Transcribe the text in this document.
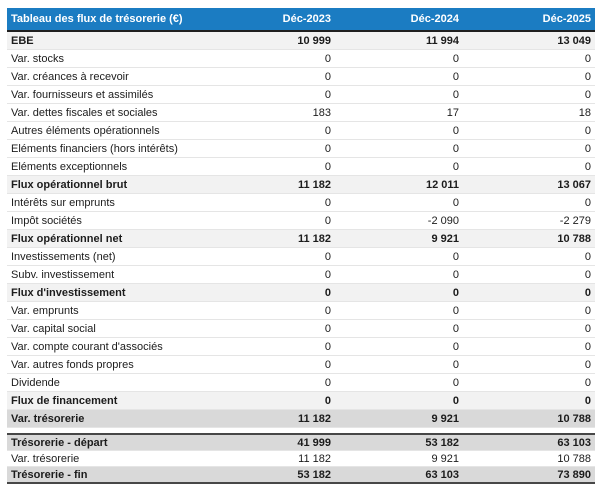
Tableau des flux de trésorerie (€)	Déc-2023	Déc-2024	Déc-2025
EBE	10 999	11 994	13 049
Var. stocks	0	0	0
Var. créances à recevoir	0	0	0
Var. fournisseurs et assimilés	0	0	0
Var. dettes fiscales et sociales	183	17	18
Autres éléments opérationnels	0	0	0
Eléments financiers (hors intérêts)	0	0	0
Eléments exceptionnels	0	0	0
Flux opérationnel brut	11 182	12 011	13 067
Intérêts sur emprunts	0	0	0
Impôt sociétés	0	-2 090	-2 279
Flux opérationnel net	11 182	9 921	10 788
Investissements (net)	0	0	0
Subv. investissement	0	0	0
Flux d'investissement	0	0	0
Var. emprunts	0	0	0
Var. capital social	0	0	0
Var. compte courant d'associés	0	0	0
Var. autres fonds propres	0	0	0
Dividende	0	0	0
Flux de financement	0	0	0
Var. trésorerie	11 182	9 921	10 788

Trésorerie - départ	41 999	53 182	63 103
Var. trésorerie	11 182	9 921	10 788
Trésorerie - fin	53 182	63 103	73 890
